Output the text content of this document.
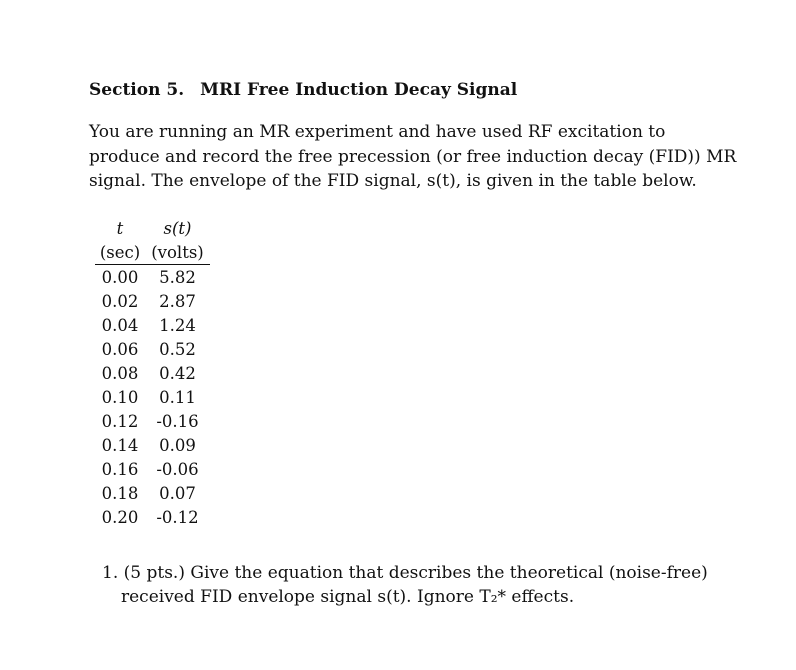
Section 5. MRI Free Induction Decay Signal

You are running an MR experiment and have used RF excitation to

produce and record the free precession (or free induction decay (FID)) MR

signal. The envelope of the FID signal, s(t), is given in the table below.

t	s(t)
(sec)	(volts)
0.00	5.82
0.02	2.87
0.04	1.24
0.06	0.52
0.08	0.42
0.10	0.11
0.12	-0.16
0.14	0.09
0.16	-0.06
0.18	0.07
0.20	-0.12
1. (5 pts.) Give the equation that describes the theoretical (noise-free)
received FID envelope signal s(t). Ignore T₂* effects.
